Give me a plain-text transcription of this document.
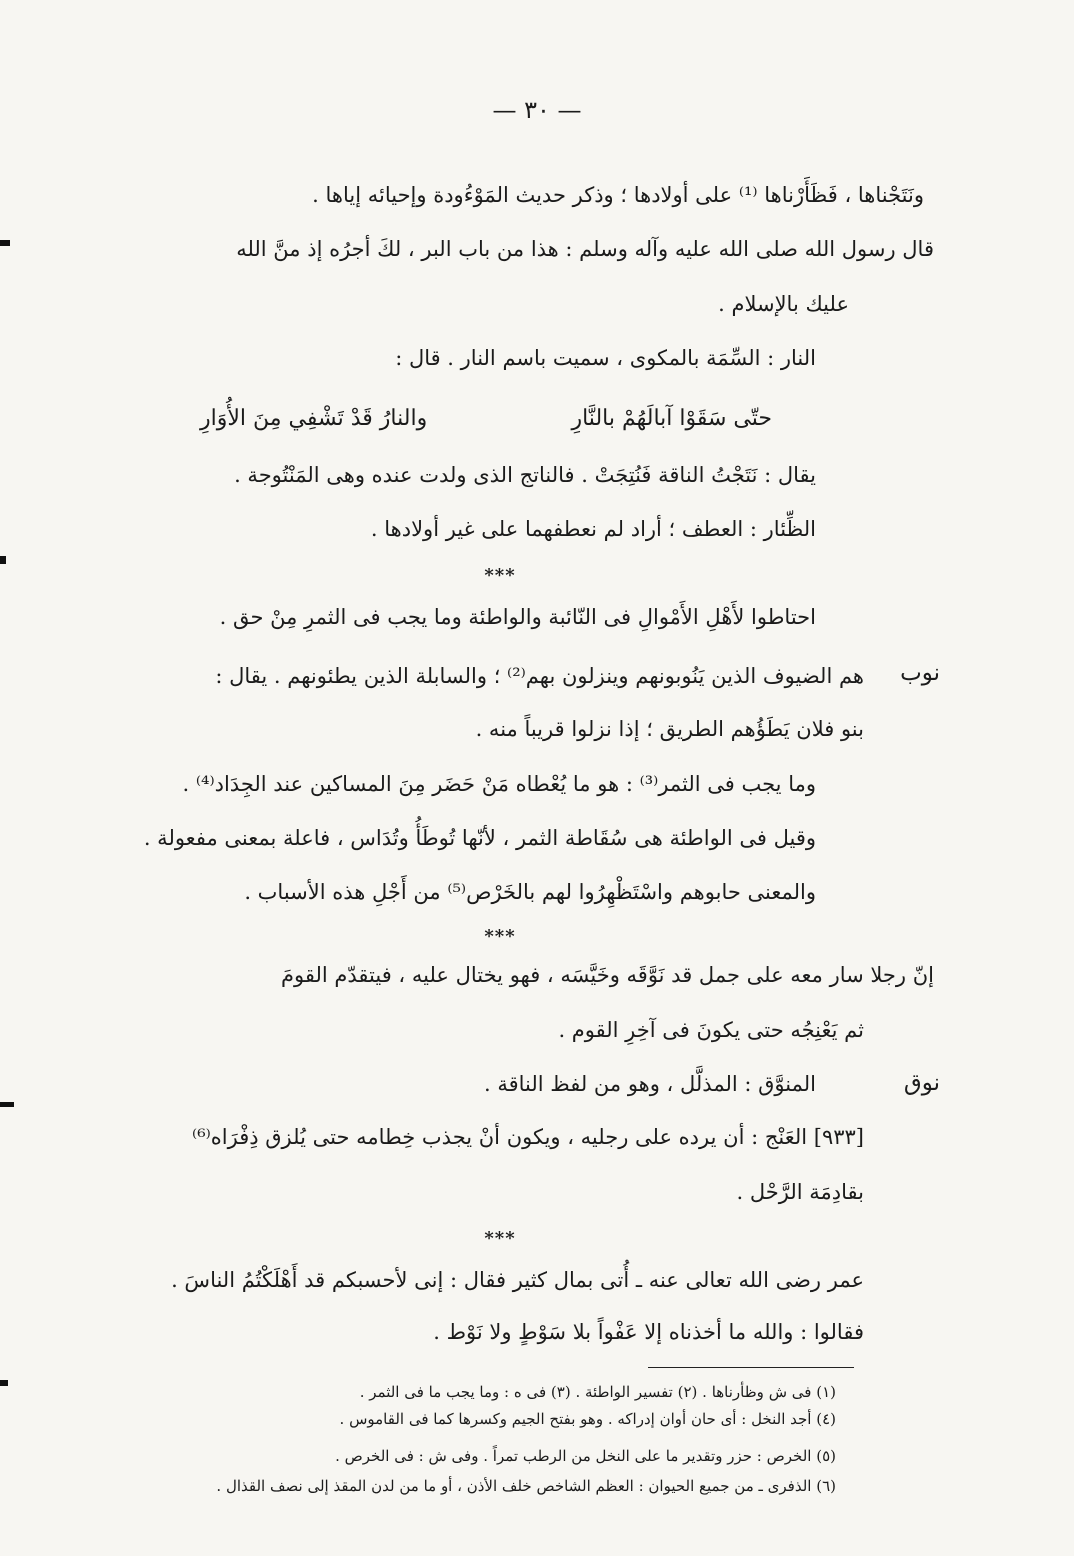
— ٣٠ —
ونَتَجْناها ، فَظَأَرْناها ⁽¹⁾ على أولادها ؛ وذكر حديث المَوْءُودة وإحيائه إياها .
قال رسول الله صلى الله عليه وآله وسلم : هذا من باب البر ، لكَ أجرُه إذ منَّ الله
عليك بالإسلام .
النار : السِّمَة بالمكوى ، سميت باسم النار . قال :
حتّى سَقَوْا آبالَهُمْ بالنَّارِ
والنارُ قَدْ تَشْفِي مِنَ الأُوَارِ
يقال : نَتَجْتُ الناقة فَنُتِجَتْ . فالناتج الذى ولدت عنده وهى المَنْتُوجة .
الظِّئار : العطف ؛ أراد لم نعطفهما على غير أولادها .
***
احتاطوا لأَهْلِ الأَمْوالِ فى النّائبة والواطئة وما يجب فى الثمرِ مِنْ حق .
نوب
هم الضيوف الذين يَنُوبونهم وينزلون بهم⁽²⁾ ؛ والسابلة الذين يطئونهم . يقال :
بنو فلان يَطَؤُهم الطريق ؛ إذا نزلوا قريباً منه .
وما يجب فى الثمر⁽³⁾ : هو ما يُعْطاه مَنْ حَضَر مِنَ المساكين عند الجِدَاد⁽⁴⁾ .
وقيل فى الواطئة هى سُقَاطة الثمر ، لأنّها تُوطَأُ وتُدَاس ، فاعلة بمعنى مفعولة .
والمعنى حابوهم واسْتَظْهِرُوا لهم بالخَرْص⁽⁵⁾ من أَجْلِ هذه الأسباب .
***
إنّ رجلا سار معه على جمل قد نَوَّقَه وخَيَّسَه ، فهو يختال عليه ، فيتقدّم القومَ
ثم يَعْنِجُه حتى يكونَ فى آخِرِ القوم .
نوق
المنوَّق : المذلَّل ، وهو من لفظ الناقة .
[٩٣٣] العَنْج : أن يرده على رجليه ، ويكون أنْ يجذب خِطامه حتى يُلزق ذِفْرَاه⁽⁶⁾
بقادِمَة الرَّحْل .
***
عمر رضى الله تعالى عنه ـ أُتى بمال كثير فقال : إنى لأحسبكم قد أَهْلَكْتُمُ الناسَ .
فقالوا : والله ما أخذناه إلا عَفْواً بلا سَوْطٍ ولا نَوْط .
(١) فى ش وظأرناها . (٢) تفسير الواطئة . (٣) فى ه : وما يجب ما فى الثمر .
(٤) أجد النخل : أى حان أوان إدراكه . وهو بفتح الجيم وكسرها كما فى القاموس .
(٥) الخرص : حزر وتقدير ما على النخل من الرطب تمراً . وفى ش : فى الخرص .
(٦) الذفرى ـ من جميع الحيوان : العظم الشاخص خلف الأذن ، أو ما من لدن المقذ إلى نصف القذال .
